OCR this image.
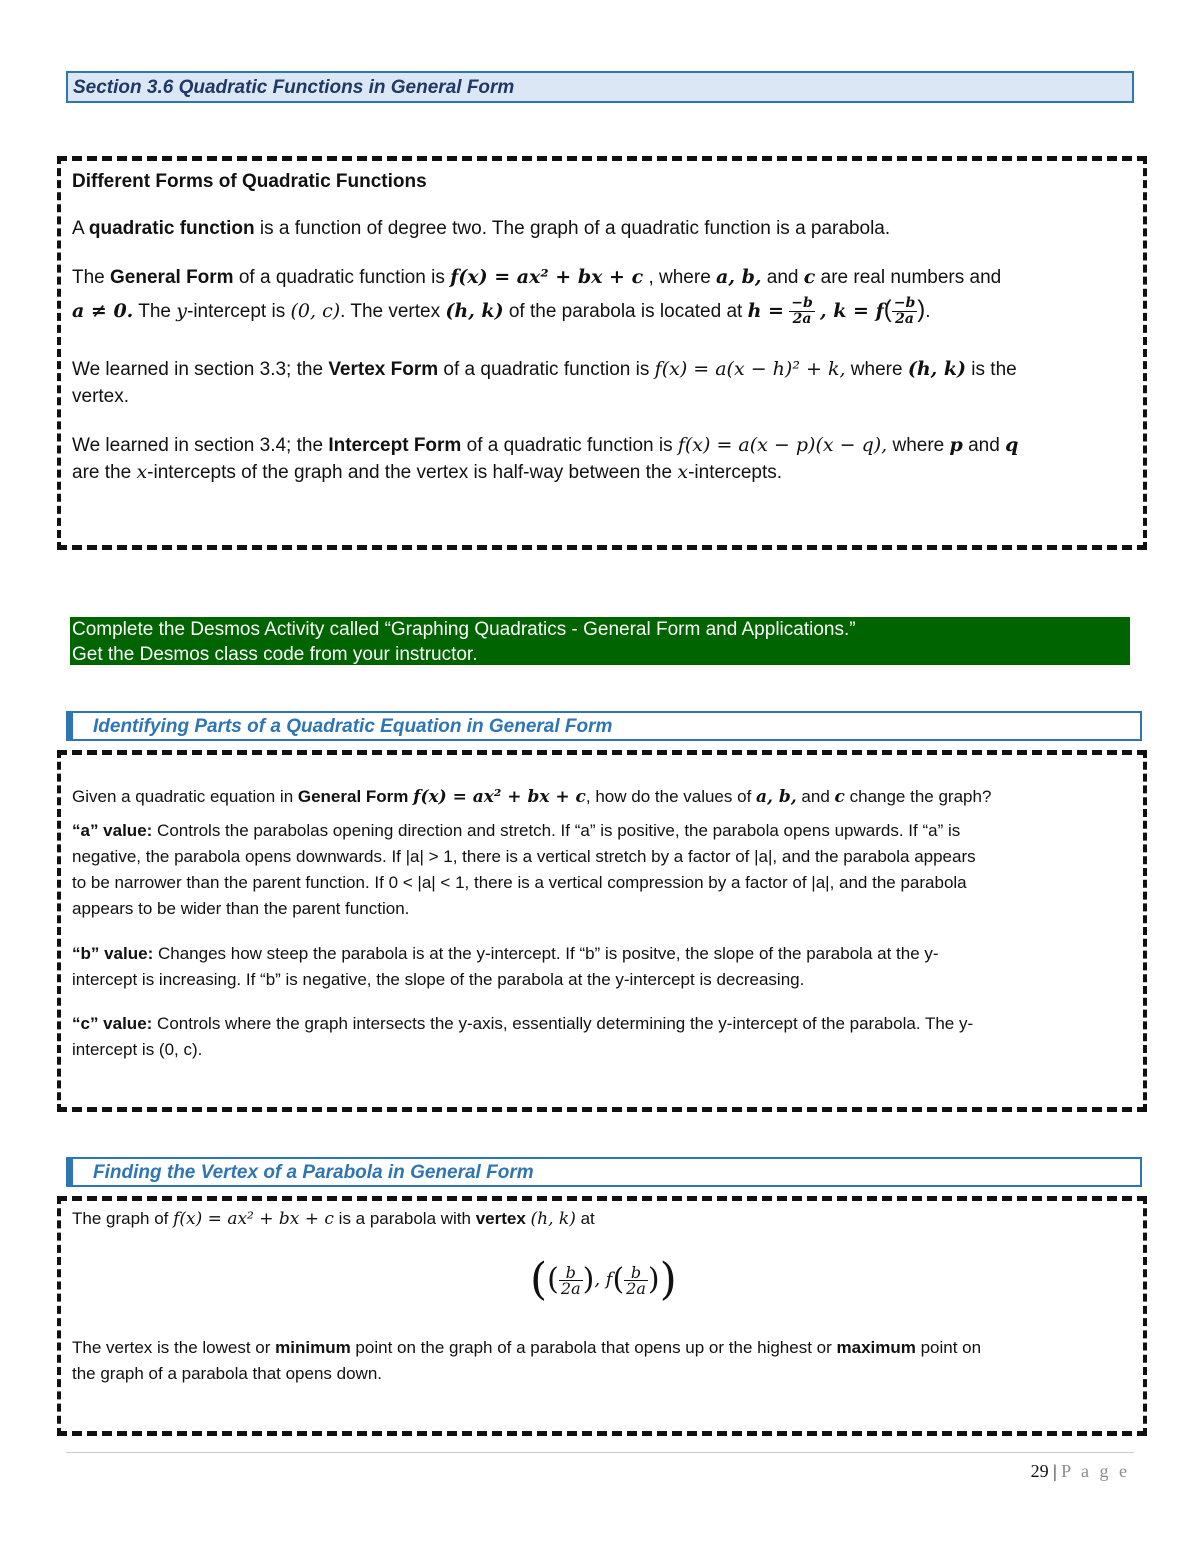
Section 3.6 Quadratic Functions in General Form
Different Forms of Quadratic Functions
A quadratic function is a function of degree two. The graph of a quadratic function is a parabola.
The General Form of a quadratic function is f(x) = ax² + bx + c , where a, b, and c are real numbers and
a ≠ 0. The y-intercept is (0, c). The vertex (h, k) of the parabola is located at $h = \frac{-b}{2a}$ , $k = f( \frac{-b}{2a}$ ).
We learned in section 3.3; the Vertex Form of a quadratic function is f(x) = a(x − h)² + k, where (h, k) is the
vertex.
We learned in section 3.4; the Intercept Form of a quadratic function is f(x) = a(x − p)(x − q), where p and q
are the x-intercepts of the graph and the vertex is half-way between the x-intercepts.
Complete the Desmos Activity called “Graphing Quadratics - General Form and Applications.”
Get the Desmos class code from your instructor.
Identifying Parts of a Quadratic Equation in General Form
Given a quadratic equation in General Form f(x) = ax² + bx + c, how do the values of a, b, and c change the graph?
“a” value: Controls the parabolas opening direction and stretch. If “a” is positive, the parabola opens upwards. If “a” is
negative, the parabola opens downwards. If |a| > 1, there is a vertical stretch by a factor of |a|, and the parabola appears
to be narrower than the parent function. If 0 < |a| < 1, there is a vertical compression by a factor of |a|, and the parabola
appears to be wider than the parent function.
“b” value: Changes how steep the parabola is at the y-intercept. If “b” is positve, the slope of the parabola at the y-
intercept is increasing. If “b” is negative, the slope of the parabola at the y-intercept is decreasing.
“c” value: Controls where the graph intersects the y-axis, essentially determining the y-intercept of the parabola. The y-
intercept is (0, c).
Finding the Vertex of a Parabola in General Form
The graph of f(x) = ax² + bx + c is a parabola with vertex (h, k) at
(( $\frac{b}{2a}$ ), $f( \frac{b}{2a}$ ))
The vertex is the lowest or minimum point on the graph of a parabola that opens up or the highest or maximum point on
the graph of a parabola that opens down.
29 | P a g e
